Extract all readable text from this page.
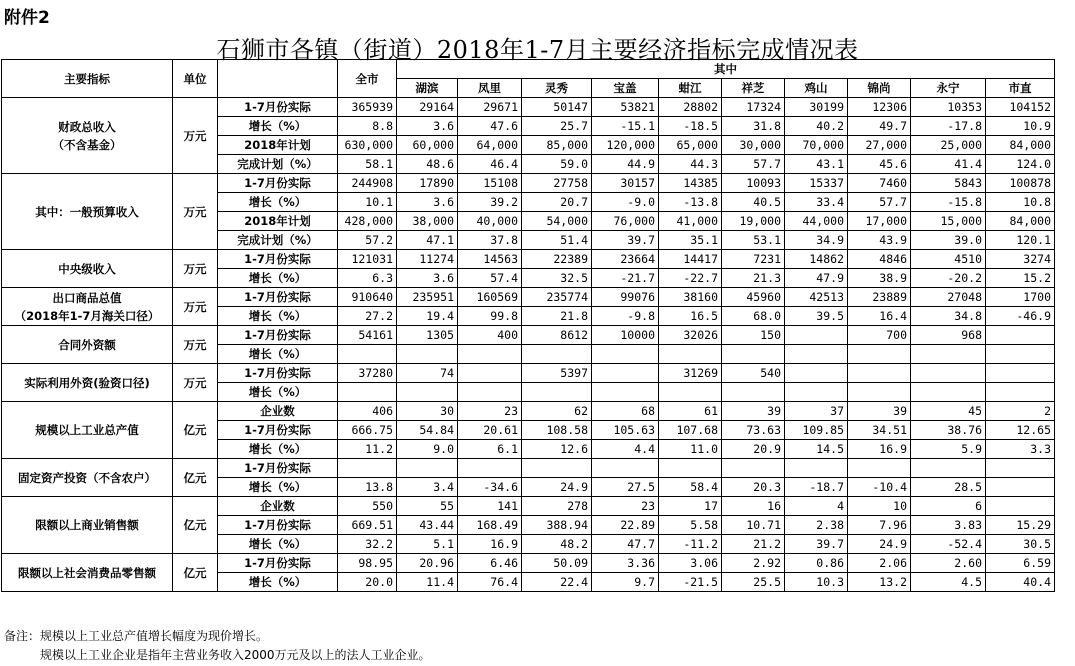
附件2
石狮市各镇（街道）2018年1-7月主要经济指标完成情况表
主要指标	单位		全市	其中									
				湖滨	凤里	灵秀	宝盖	蚶江	祥芝	鸡山	锦尚	永宁	市直

财政总收入
（不含基金）	万元	1-7月份实际	365939	29164	29671	50147	53821	28802	17324	30199	12306	10353	104152
		增长（%）	8.8	3.6	47.6	25.7	-15.1	-18.5	31.8	40.2	49.7	-17.8	10.9
		2018年计划	630,000	60,000	64,000	85,000	120,000	65,000	30,000	70,000	27,000	25,000	84,000
		完成计划（%）	58.1	48.6	46.4	59.0	44.9	44.3	57.7	43.1	45.6	41.4	124.0

其中：一般预算收入	万元	1-7月份实际	244908	17890	15108	27758	30157	14385	10093	15337	7460	5843	100878
		增长（%）	10.1	3.6	39.2	20.7	-9.0	-13.8	40.5	33.4	57.7	-15.8	10.8
		2018年计划	428,000	38,000	40,000	54,000	76,000	41,000	19,000	44,000	17,000	15,000	84,000
		完成计划（%）	57.2	47.1	37.8	51.4	39.7	35.1	53.1	34.9	43.9	39.0	120.1

中央级收入	万元	1-7月份实际	121031	11274	14563	22389	23664	14417	7231	14862	4846	4510	3274
		增长（%）	6.3	3.6	57.4	32.5	-21.7	-22.7	21.3	47.9	38.9	-20.2	15.2

出口商品总值
（2018年1-7月海关口径）	万元	1-7月份实际	910640	235951	160569	235774	99076	38160	45960	42513	23889	27048	1700
		增长（%）	27.2	19.4	99.8	21.8	-9.8	16.5	68.0	39.5	16.4	34.8	-46.9

合同外资额	万元	1-7月份实际	54161	1305	400	8612	10000	32026	150		700	968	
		增长（%）											

实际利用外资(验资口径)	万元	1-7月份实际	37280	74		5397		31269	540				
		增长（%）											

规模以上工业总产值	亿元	企业数	406	30	23	62	68	61	39	37	39	45	2
		1-7月份实际	666.75	54.84	20.61	108.58	105.63	107.68	73.63	109.85	34.51	38.76	12.65
		增长（%）	11.2	9.0	6.1	12.6	4.4	11.0	20.9	14.5	16.9	5.9	3.3

固定资产投资（不含农户）	亿元	1-7月份实际											
		增长（%）	13.8	3.4	-34.6	24.9	27.5	58.4	20.3	-18.7	-10.4	28.5	

限额以上商业销售额	亿元	企业数	550	55	141	278	23	17	16	4	10	6	
		1-7月份实际	669.51	43.44	168.49	388.94	22.89	5.58	10.71	2.38	7.96	3.83	15.29
		增长（%）	32.2	5.1	16.9	48.2	47.7	-11.2	21.2	39.7	24.9	-52.4	30.5

限额以上社会消费品零售额	亿元	1-7月份实际	98.95	20.96	6.46	50.09	3.36	3.06	2.92	0.86	2.06	2.60	6.59
		增长（%）	20.0	11.4	76.4	22.4	9.7	-21.5	25.5	10.3	13.2	4.5	40.4
备注：规模以上工业总产值增长幅度为现价增长。
规模以上工业企业是指年主营业务收入2000万元及以上的法人工业企业。
